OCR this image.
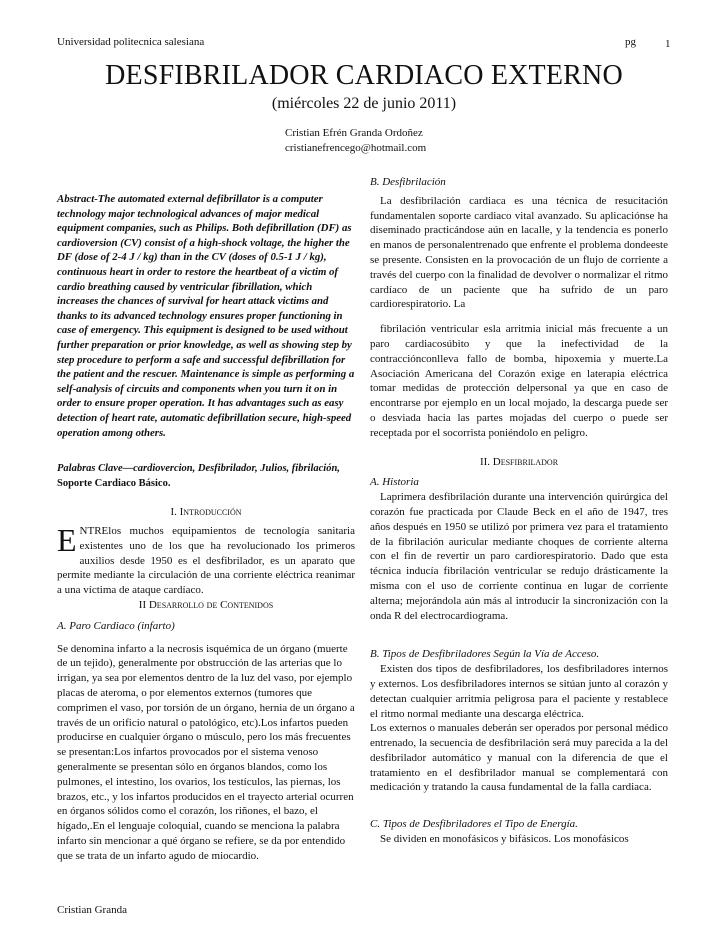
Universidad politecnica salesiana	pg	1
DESFIBRILADOR CARDIACO EXTERNO
(miércoles 22 de junio 2011)
Cristian Efrén Granda Ordoñez
cristianefrencego@hotmail.com

Abstract-The automated external defibrillator is a computer technology major technological advances of major medical equipment companies, such as Philips. Both defibrillation (DF) as cardioversion (CV) consist of a high-shock voltage, the higher the DF (dose of 2-4 J / kg) than in the CV (doses of 0.5-1 J / kg), continuous heart in order to restore the heartbeat of a victim of cardio breathing caused by ventricular fibrillation, which increases the chances of survival for heart attack victims and thanks to its advanced technology ensures proper functioning in case of emergency. This equipment is designed to be used without further preparation or prior knowledge, as well as showing step by step procedure to perform a safe and successful defibrillation for the patient and the rescuer. Maintenance is simple as performing a self-analysis of circuits and components when you turn it on in order to ensure proper operation. It has advantages such as easy detection of heart rate, automatic defibrillation secure, high-speed operation among others.

Palabras Clave—cardiovercion, Desfibrilador, Julios, fibrilación, Soporte Cardiaco Básico.

I. Introducción

ENTRElos muchos equipamientos de tecnología sanitaria existentes uno de los que ha revolucionado los primeros auxilios desde 1950 es el desfibrilador, es un aparato que permite mediante la circulación de una corriente eléctrica reanimar a una víctima de ataque cardíaco.

II Desarrollo de Contenidos

A. Paro Cardiaco (infarto)

Se denomina infarto a la necrosis isquémica de un órgano (muerte de un tejido), generalmente por obstrucción de las arterias que lo irrigan, ya sea por elementos dentro de la luz del vaso, por ejemplo placas de ateroma, o por elementos externos (tumores que comprimen el vaso, por torsión de un órgano, hernia de un órgano a través de un orificio natural o patológico, etc).Los infartos pueden producirse en cualquier órgano o músculo, pero los más frecuentes se presentan:Los infartos provocados por el sistema venoso generalmente se presentan sólo en órganos blandos, como los pulmones, el intestino, los ovarios, los testículos, las piernas, los brazos, etc., y los infartos producidos en el trayecto arterial ocurren en órganos sólidos como el corazón, los riñones, el bazo, el hígado,.En el lenguaje coloquial, cuando se menciona la palabra infarto sin mencionar a qué órgano se refiere, se da por entendido que se trata de un infarto agudo de miocardio.

Cristian Granda

B. Desfibrilación

La desfibrilación cardiaca es una técnica de resucitación fundamentalen soporte cardiaco vital avanzado. Su aplicaciónse ha diseminado practicándose aún en lacalle, y la tendencia es ponerlo en manos de personalentrenado que enfrente el problema dondeeste se presente. Consisten en la provocación de un flujo de corriente a través del cuerpo con la finalidad de devolver o normalizar el ritmo cardíaco de un paciente que ha sufrido de un paro cardiorespiratorio. La

fibrilación ventricular esla arritmia inicial más frecuente a un paro cardiacosúbito y que la inefectividad de la contracciónconlleva fallo de bomba, hipoxemia y muerte.La Asociación Americana del Corazón exige en laterapia eléctrica tomar medidas de protección delpersonal ya que en caso de encontrarse por ejemplo en un local mojado, la descarga puede ser o desviada hacia las partes mojadas del cuerpo o puede ser receptada por el socorrista poniéndolo en peligro.

II. Desfibrilador

A. Historia

Laprimera desfibrilación durante una intervención quirúrgica del corazón fue practicada por Claude Beck en el año de 1947, tres años después en 1950 se utilizó por primera vez para el tratamiento de la fibrilación auricular mediante choques de corriente alterna con el fin de revertir un paro cardiorespiratorio. Dado que esta técnica inducía fibrilación ventricular se redujo drásticamente la misma con el uso de corriente continua en lugar de corriente alterna; mejorándola aún más al introducir la sincronización con la onda R del electrocardiograma.

B. Tipos de Desfibriladores Según la Vía de Acceso.

Existen dos tipos de desfibriladores, los desfibriladores internos y externos. Los desfibriladores internos se sitúan junto al corazón y detectan cualquier arritmia peligrosa para el paciente y restablece el ritmo normal mediante una descarga eléctrica.

Los externos o manuales deberán ser operados por personal médico entrenado, la secuencia de desfibrilación será muy parecida a la del desfibrilador automático y manual con la diferencia de que el tratamiento en el desfibrilador manual se complementará con medicación y tratando la causa fundamental de la falla cardiaca.

C. Tipos de Desfibriladores el Tipo de Energía.

Se dividen en monofásicos y bifásicos. Los monofásicos
